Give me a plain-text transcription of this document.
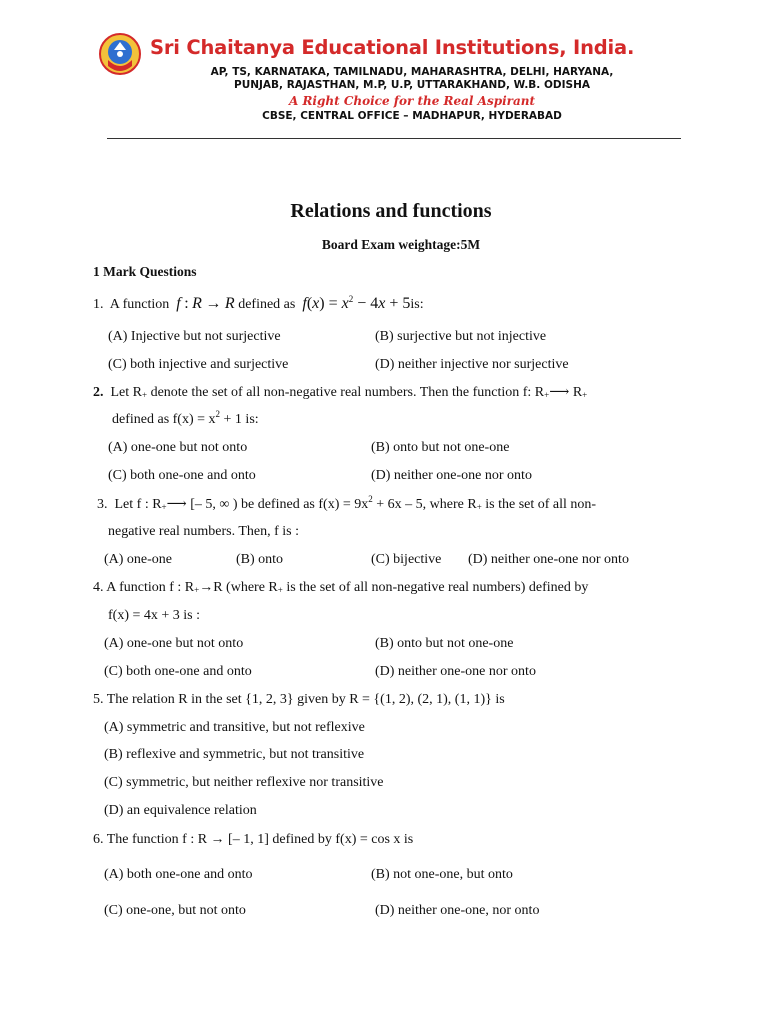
Sri Chaitanya Educational Institutions, India.
AP, TS, KARNATAKA, TAMILNADU, MAHARASHTRA, DELHI, HARYANA,
PUNJAB, RAJASTHAN, M.P, U.P, UTTARAKHAND, W.B. ODISHA
A Right Choice for the Real Aspirant
CBSE, CENTRAL OFFICE – MADHAPUR, HYDERABAD
Relations and functions
Board Exam weightage:5M
1 Mark Questions
1. A function f : R → R defined as $f(x) = x^2 - 4x + 5is$:
(A) Injective but not surjective	(B) surjective but not injective
(C) both injective and surjective	(D) neither injective nor surjective
2. Let $R_+$ denote the set of all non-negative real numbers. Then the function f: $R_+⟶$ $R_+$
defined as $f(x) = x^2 + 1$ is:
(A) one-one but not onto	(B) onto but not one-one
(C) both one-one and onto	(D) neither one-one nor onto
3. Let f : $R_+⟶$ [– 5, ∞ ) be defined as $f(x) = 9x^2 + 6x - 5$, where $R_+$ is the set of all non-
negative real numbers. Then, f is :
(A) one-one	(B) onto	(C) bijective (D) neither one-one nor onto
4. A function f : $R_+\to R$ (where $R_+$ is the set of all non-negative real numbers) defined by
f(x) = 4x + 3 is :
(A) one-one but not onto	(B) onto but not one-one
(C) both one-one and onto	(D) neither one-one nor onto
5. The relation R in the set {1, 2, 3} given by R = {(1, 2), (2, 1), (1, 1)} is
(A) symmetric and transitive, but not reflexive
(B) reflexive and symmetric, but not transitive
(C) symmetric, but neither reflexive nor transitive
(D) an equivalence relation
6. The function f : R → [– 1, 1] defined by f(x) = cos x is
(A) both one-one and onto	(B) not one-one, but onto
(C) one-one, but not onto	(D) neither one-one, nor onto
